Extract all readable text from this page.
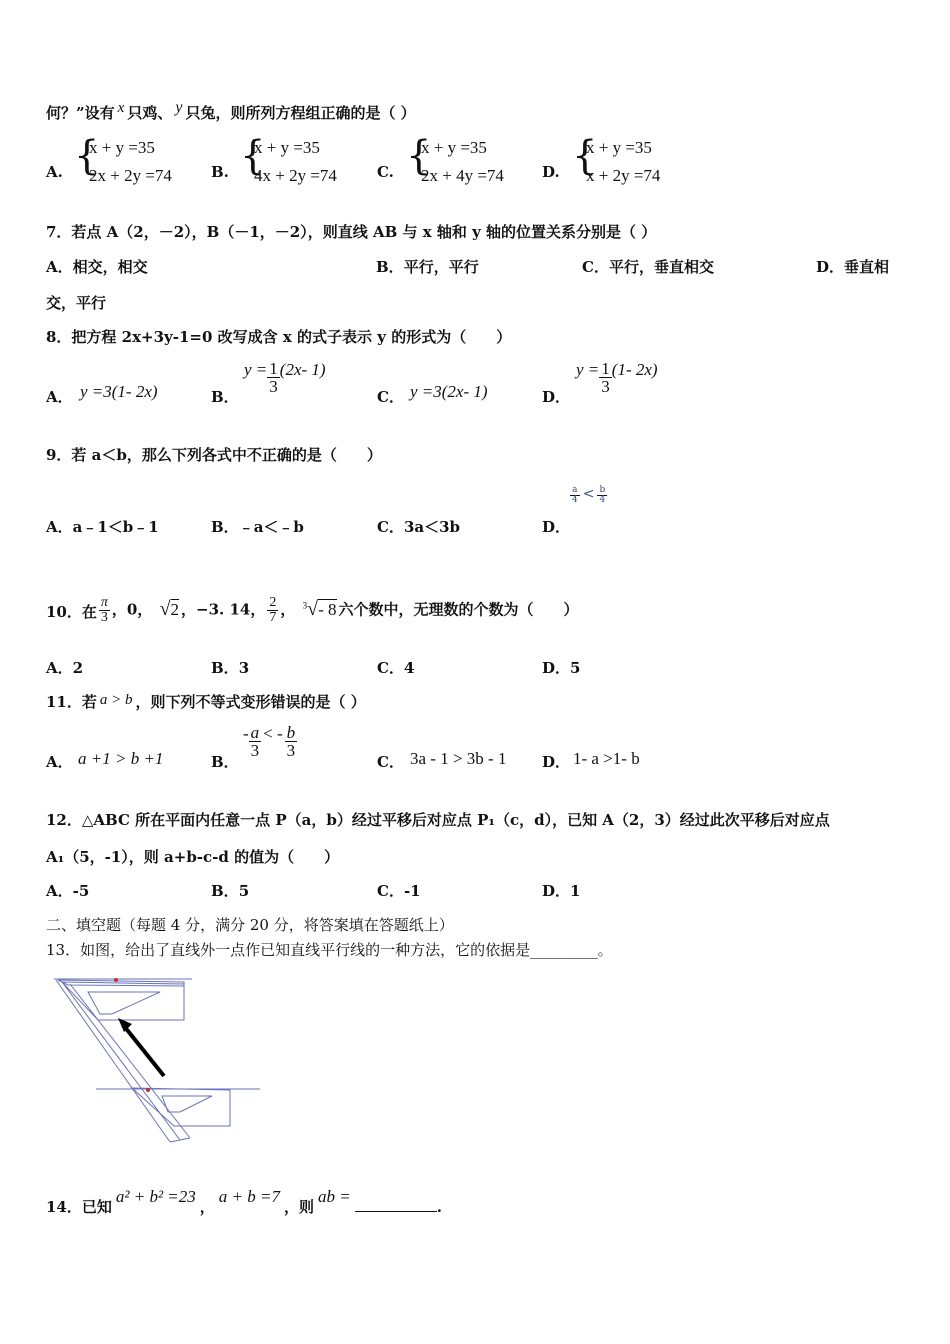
何？”设有 x 只鸡、 y 只兔，则所列方程组正确的是（ ）
A. {
x + y =35
2x + 2y =74	B. {
x + y =35
4x + 2y =74	C. {
x + y =35
2x + 4y =74	D. {
x + y =35
x + 2y =74
7．若点 A（2，－2），B（－1，－2），则直线 AB 与 x 轴和 y 轴的位置关系分别是（ ）
A．相交，相交	B．平行，平行	C．平行，垂直相交	D．垂直相
交，平行
8．把方程 2x+3y-1=0 改写成含 x 的式子表示 y 的形式为（　　）
A． y =3(1- 2x)	B．
$y = \frac{1}{3} (2x-$ 1)
C． y =3(2x- 1)	D．
$y = \frac{1}{3} (1-$ 2x)
9．若 a＜b，那么下列各式中不正确的是（　　）
A．a﹣1＜b﹣1	B．﹣a＜﹣b	C．3a＜3b	D．
$\frac{a}{4} < \frac{b}{4}$
10．在 $\frac{\pi}{3}$ ，0， √2 ，−3. 14， $\frac{2}{7}$ ， $^3$√- 8 六个数中，无理数的个数为（　　）
A．2	B．3	C．4	D．5
11．若 a > b ，则下列不等式变形错误的是（ ）
A． a +1 > b +1	B．
- $\frac{a}{3}$ < - $\frac{b}{3}$
C． 3a - 1 > 3b - 1 D． 1- a >1- b
12．△ABC 所在平面内任意一点 P（a，b）经过平移后对应点 P₁（c，d），已知 A（2，3）经过此次平移后对应点
A₁（5，-1），则 a+b-c-d 的值为（　　）
A．-5	B．5	C．-1	D．1
二、填空题（每题 4 分，满分 20 分，将答案填在答题纸上）
13．如图，给出了直线外一点作已知直线平行线的一种方法，它的依据是_________。
14．已知a² + b² =23，a + b =7，则ab =.
